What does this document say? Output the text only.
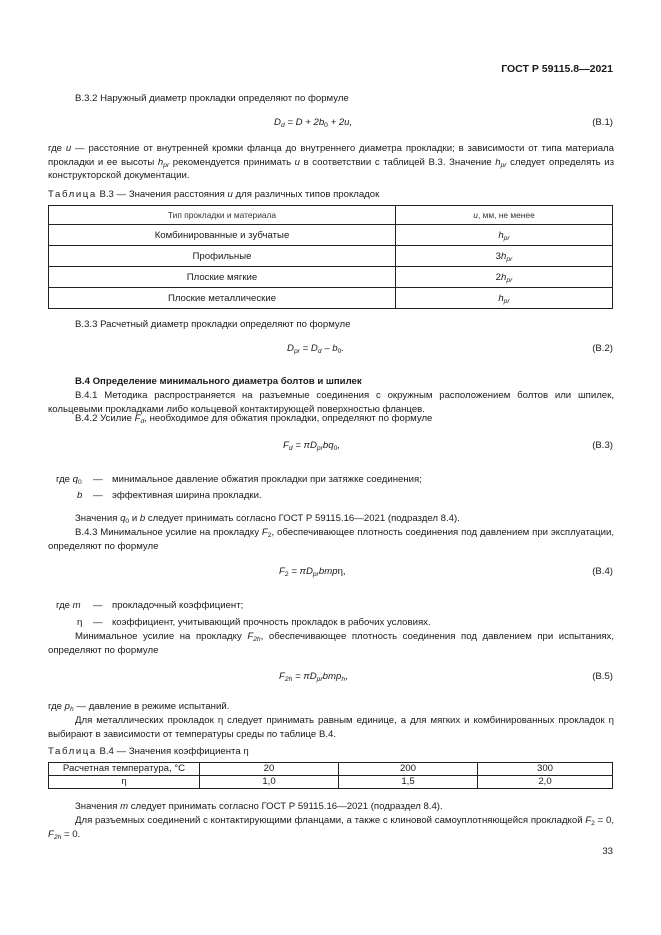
ГОСТ Р 59115.8—2021
В.3.2 Наружный диаметр прокладки определяют по формуле
$D_d = D + 2b_0 + 2u$,	(В.1)
где u — расстояние от внутренней кромки фланца до внутреннего диаметра прокладки; в зависимости от типа материала прокладки и ее высоты $h_{pr}$ рекомендуется принимать u в соответствии с таблицей В.3. Значение $h_{pr}$ следует определять из конструкторской документации.
Таблица В.3 — Значения расстояния u для различных типов прокладок
Тип прокладки и материала	u, мм, не менее
Комбинированные и зубчатые	$h_{pr}$
Профильные	$3h_{pr}$
Плоские мягкие	$2h_{pr}$
Плоские металлические	$h_{pr}$
В.3.3 Расчетный диаметр прокладки определяют по формуле
$D_{pr} = D_d - b_0$.	(В.2)
В.4 Определение минимального диаметра болтов и шпилек
В.4.1 Методика распространяется на разъемные соединения с окружным расположением болтов или шпилек, кольцевыми прокладками либо кольцевой контактирующей поверхностью фланцев.
В.4.2 Усилие $F_d$, необходимое для обжатия прокладки, определяют по формуле
$F_d = \pi D_{pr}bq_0$,	(В.3)
где $q_0$ — минимальное давление обжатия прокладки при затяжке соединения;
b — эффективная ширина прокладки.
Значения $q_0$ и b следует принимать согласно ГОСТ Р 59115.16—2021 (подраздел 8.4).
В.4.3 Минимальное усилие на прокладку $F_2$, обеспечивающее плотность соединения под давлением при эксплуатации, определяют по формуле
$F_2 = \pi D_{pr}bmp\eta$,	(В.4)
где m — прокладочный коэффициент;
η — коэффициент, учитывающий прочность прокладок в рабочих условиях.
Минимальное усилие на прокладку $F_{2h}$, обеспечивающее плотность соединения под давлением при испытаниях, определяют по формуле
$F_{2h} = \pi D_{pr}bmp_h$,	(В.5)
где $p_h$ — давление в режиме испытаний.
Для металлических прокладок η следует принимать равным единице, а для мягких и комбинированных прокладок η выбирают в зависимости от температуры среды по таблице В.4.
Таблица В.4 — Значения коэффициента η
Расчетная температура, °С	20	200	300
η	1,0	1,5	2,0
Значения m следует принимать согласно ГОСТ Р 59115.16—2021 (подраздел 8.4).
Для разъемных соединений с контактирующими фланцами, а также с клиновой самоуплотняющейся прокладкой $F_2 = 0$, $F_{2h} = 0$.
33
